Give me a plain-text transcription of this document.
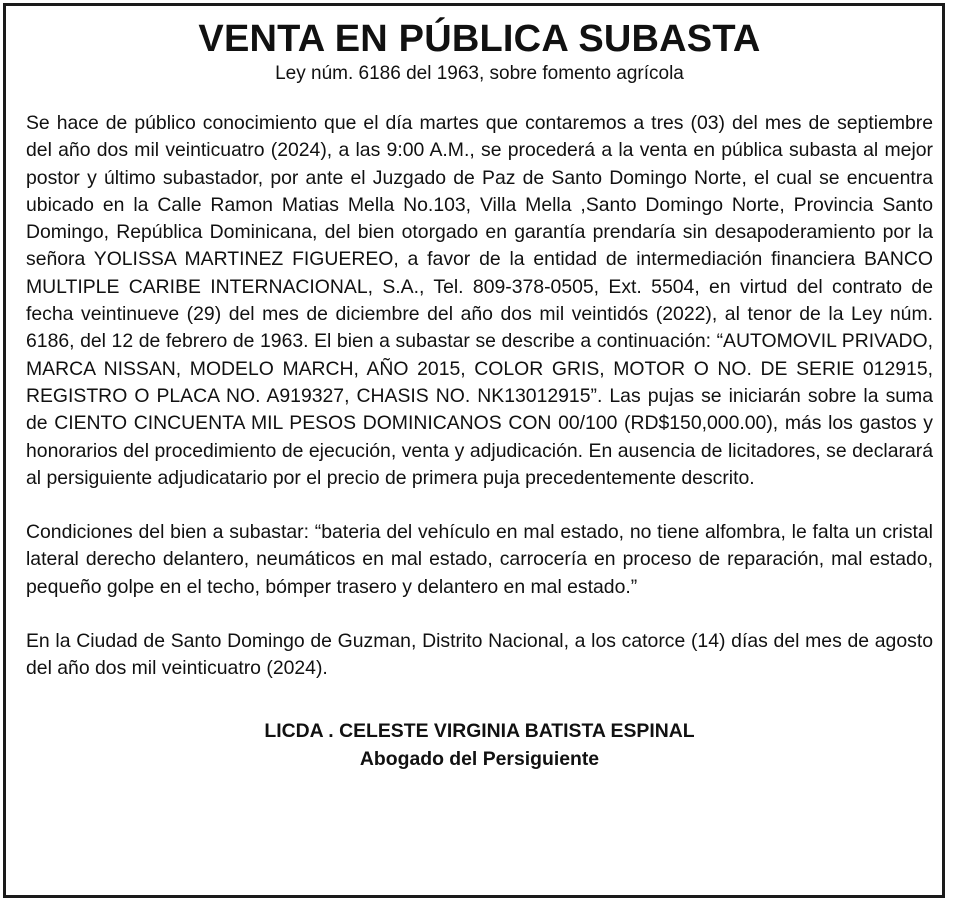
VENTA EN PÚBLICA SUBASTA
Ley núm. 6186 del 1963, sobre fomento agrícola

Se hace de público conocimiento que el día martes que contaremos a tres (03) del mes de septiembre del año dos mil veinticuatro (2024), a las 9:00 A.M., se procederá a la venta en pública subasta al mejor postor y último subastador, por ante el Juzgado de Paz de Santo Domingo Norte, el cual se encuentra ubicado en la Calle Ramon Matias Mella No.103, Villa Mella ,Santo Domingo Norte, Provincia Santo Domingo, República Dominicana, del bien otorgado en garantía prendaría sin desapoderamiento por la señora YOLISSA MARTINEZ FIGUEREO, a favor de la entidad de intermediación financiera BANCO MULTIPLE CARIBE INTERNACIONAL, S.A., Tel. 809-378-0505, Ext. 5504, en virtud del contrato de fecha veintinueve (29) del mes de diciembre del año dos mil veintidós (2022), al tenor de la Ley núm. 6186, del 12 de febrero de 1963. El bien a subastar se describe a continuación: “AUTOMOVIL PRIVADO, MARCA NISSAN, MODELO MARCH, AÑO 2015, COLOR GRIS, MOTOR O NO. DE SERIE 012915, REGISTRO O PLACA NO. A919327, CHASIS NO. NK13012915”. Las pujas se iniciarán sobre la suma de CIENTO CINCUENTA MIL PESOS DOMINICANOS CON 00/100 (RD$150,000.00), más los gastos y honorarios del procedimiento de ejecución, venta y adjudicación. En ausencia de licitadores, se declarará al persiguiente adjudicatario por el precio de primera puja precedentemente descrito.

Condiciones del bien a subastar: “bateria del vehículo en mal estado, no tiene alfombra, le falta un cristal lateral derecho delantero, neumáticos en mal estado, carrocería en proceso de reparación, mal estado, pequeño golpe en el techo, bómper trasero y delantero en mal estado.”

En la Ciudad de Santo Domingo de Guzman, Distrito Nacional, a los catorce (14) días del mes de agosto del año dos mil veinticuatro (2024).

LICDA . CELESTE VIRGINIA BATISTA ESPINAL
Abogado del Persiguiente
